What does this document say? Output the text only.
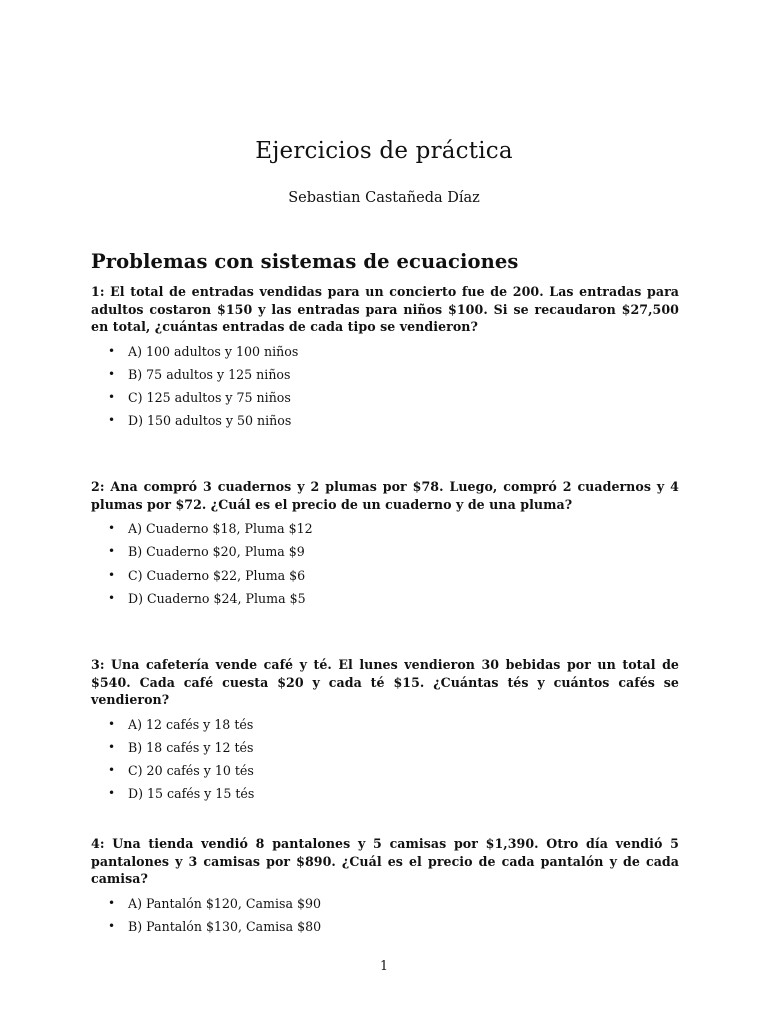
Ejercicios de práctica

Sebastian Castañeda Díaz

Problemas con sistemas de ecuaciones

1: El total de entradas vendidas para un concierto fue de 200. Las entradas para adultos costaron $150 y las entradas para niños $100. Si se recaudaron $27,500 en total, ¿cuántas entradas de cada tipo se vendieron?

• A) 100 adultos y 100 niños
• B) 75 adultos y 125 niños
• C) 125 adultos y 75 niños
• D) 150 adultos y 50 niños

2: Ana compró 3 cuadernos y 2 plumas por $78. Luego, compró 2 cuadernos y 4 plumas por $72. ¿Cuál es el precio de un cuaderno y de una pluma?

• A) Cuaderno $18, Pluma $12
• B) Cuaderno $20, Pluma $9
• C) Cuaderno $22, Pluma $6
• D) Cuaderno $24, Pluma $5

3: Una cafetería vende café y té. El lunes vendieron 30 bebidas por un total de $540. Cada café cuesta $20 y cada té $15. ¿Cuántas tés y cuántos cafés se vendieron?

• A) 12 cafés y 18 tés
• B) 18 cafés y 12 tés
• C) 20 cafés y 10 tés
• D) 15 cafés y 15 tés

4: Una tienda vendió 8 pantalones y 5 camisas por $1,390. Otro día vendió 5 pantalones y 3 camisas por $890. ¿Cuál es el precio de cada pantalón y de cada camisa?

• A) Pantalón $120, Camisa $90
• B) Pantalón $130, Camisa $80

1
